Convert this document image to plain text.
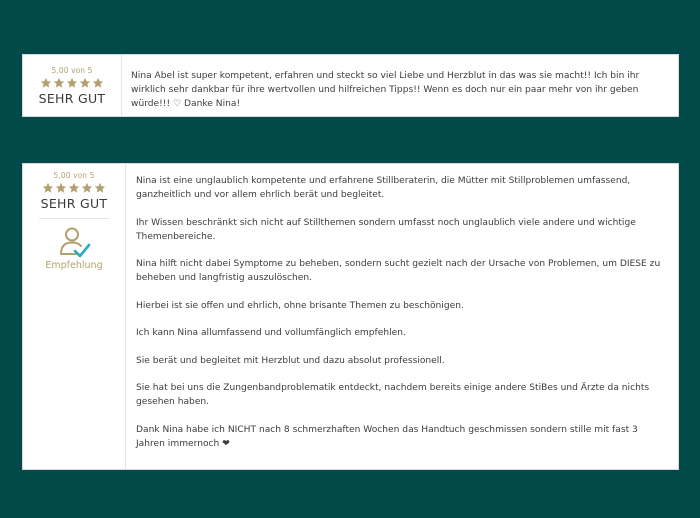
5,00 von 5
SEHR GUT

Nina Abel ist super kompetent, erfahren und steckt so viel Liebe und Herzblut in das was sie macht!! Ich bin ihr wirklich sehr dankbar für ihre wertvollen und hilfreichen Tipps!! Wenn es doch nur ein paar mehr von ihr geben würde!!! ♡ Danke Nina!

5,00 von 5
SEHR GUT
Empfehlung

Nina ist eine unglaublich kompetente und erfahrene Stillberaterin, die Mütter mit Stillproblemen umfassend, ganzheitlich und vor allem ehrlich berät und begleitet.

Ihr Wissen beschränkt sich nicht auf Stillthemen sondern umfasst noch unglaublich viele andere und wichtige Themenbereiche.

Nina hilft nicht dabei Symptome zu beheben, sondern sucht gezielt nach der Ursache von Problemen, um DIESE zu beheben und langfristig auszulöschen.

Hierbei ist sie offen und ehrlich, ohne brisante Themen zu beschönigen.

Ich kann Nina allumfassend und vollumfänglich empfehlen.

Sie berät und begleitet mit Herzblut und dazu absolut professionell.

Sie hat bei uns die Zungenbandproblematik entdeckt, nachdem bereits einige andere StiBes und Ärzte da nichts gesehen haben.

Dank Nina habe ich NICHT nach 8 schmerzhaften Wochen das Handtuch geschmissen sondern stille mit fast 3 Jahren immernoch ❤
